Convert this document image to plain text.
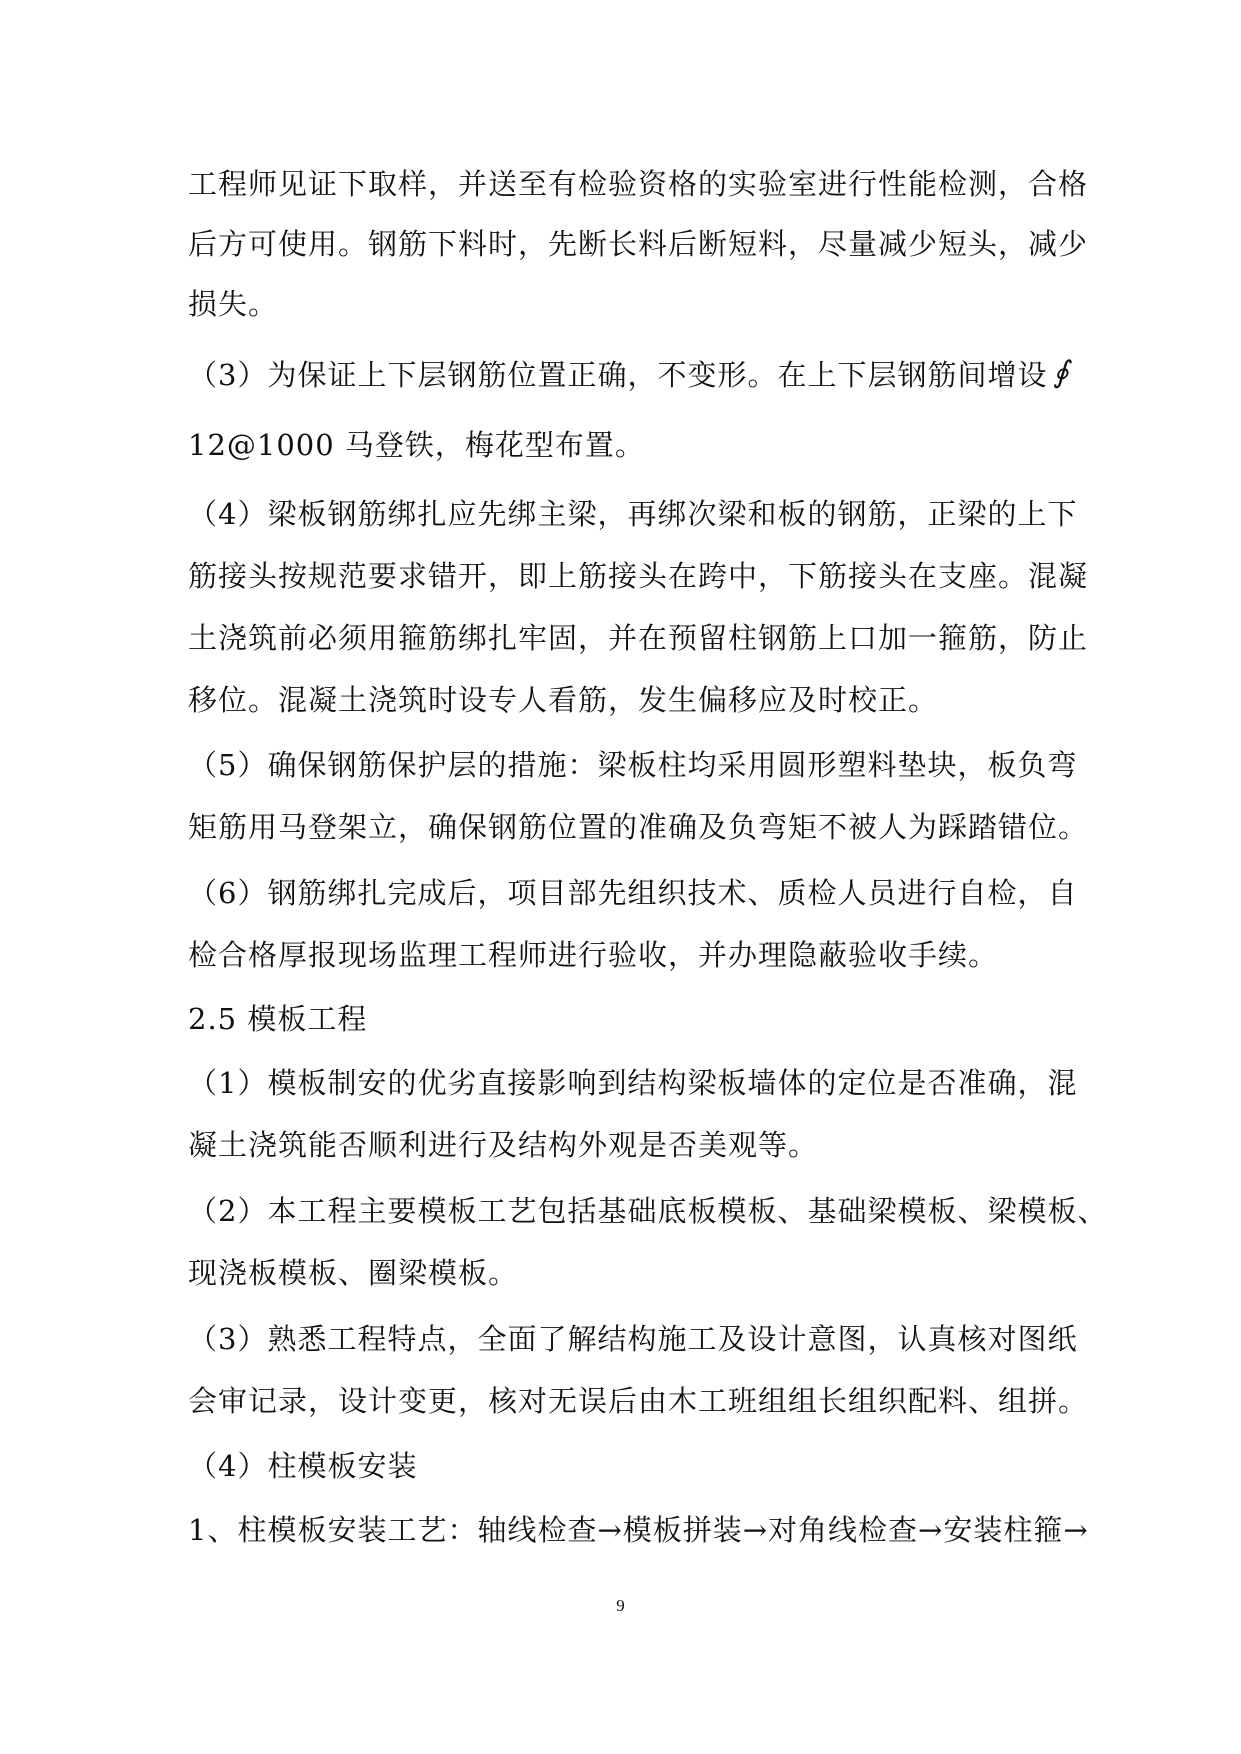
工程师见证下取样，并送至有检验资格的实验室进行性能检测，合格
后方可使用。钢筋下料时，先断长料后断短料，尽量减少短头，减少
损失。
（3）为保证上下层钢筋位置正确，不变形。在上下层钢筋间增设 ∮
12@1000 马登铁，梅花型布置。
（4）梁板钢筋绑扎应先绑主梁，再绑次梁和板的钢筋，正梁的上下
筋接头按规范要求错开，即上筋接头在跨中，下筋接头在支座。混凝
土浇筑前必须用箍筋绑扎牢固，并在预留柱钢筋上口加一箍筋，防止
移位。混凝土浇筑时设专人看筋，发生偏移应及时校正。
（5）确保钢筋保护层的措施：梁板柱均采用圆形塑料垫块，板负弯
矩筋用马登架立，确保钢筋位置的准确及负弯矩不被人为踩踏错位。
（6）钢筋绑扎完成后，项目部先组织技术、质检人员进行自检，自
检合格厚报现场监理工程师进行验收，并办理隐蔽验收手续。
2.5 模板工程
（1）模板制安的优劣直接影响到结构梁板墙体的定位是否准确，混
凝土浇筑能否顺利进行及结构外观是否美观等。
（2）本工程主要模板工艺包括基础底板模板、基础梁模板、梁模板、
现浇板模板、圈梁模板。
（3）熟悉工程特点，全面了解结构施工及设计意图，认真核对图纸
会审记录，设计变更，核对无误后由木工班组组长组织配料、组拼。
（4）柱模板安装
1、柱模板安装工艺：轴线检查→模板拼装→对角线检查→安装柱箍→
9
